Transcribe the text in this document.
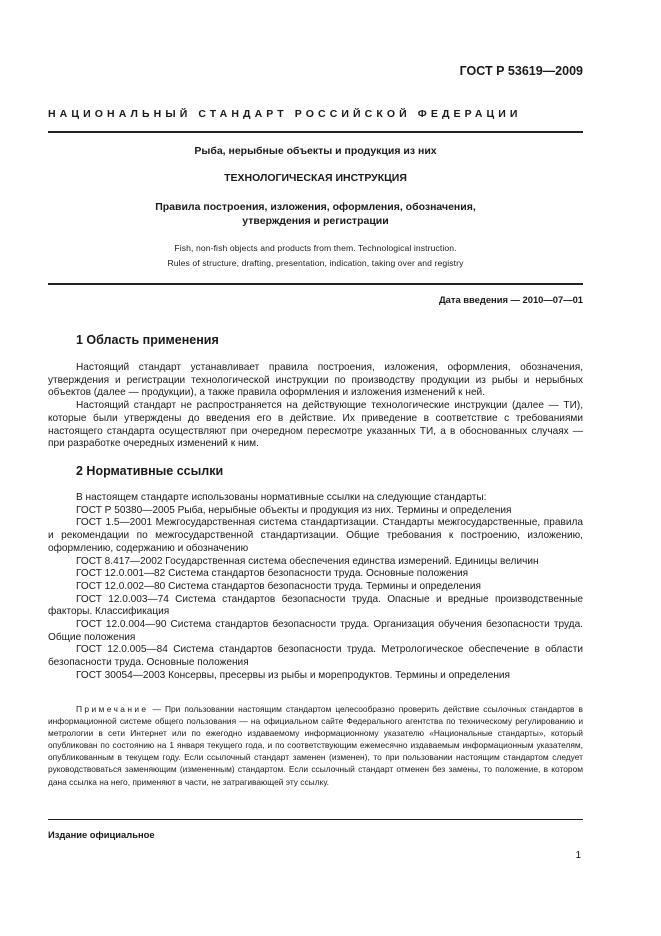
ГОСТ Р 53619—2009
НАЦИОНАЛЬНЫЙ СТАНДАРТ РОССИЙСКОЙ ФЕДЕРАЦИИ
Рыба, нерыбные объекты и продукция из них
ТЕХНОЛОГИЧЕСКАЯ ИНСТРУКЦИЯ
Правила построения, изложения, оформления, обозначения,
утверждения и регистрации
Fish, non-fish objects and products from them. Technological instruction.
Rules of structure, drafting, presentation, indication, taking over and registry
Дата введения — 2010—07—01
1 Область применения

Настоящий стандарт устанавливает правила построения, изложения, оформления, обозначения, утверждения и регистрации технологической инструкции по производству продукции из рыбы и нерыбных объектов (далее — продукции), а также правила оформления и изложения изменений к ней.

Настоящий стандарт не распространяется на действующие технологические инструкции (далее — ТИ), которые были утверждены до введения его в действие. Их приведение в соответствие с требованиями настоящего стандарта осуществляют при очередном пересмотре указанных ТИ, а в обоснованных случаях — при разработке очередных изменений к ним.

2 Нормативные ссылки

В настоящем стандарте использованы нормативные ссылки на следующие стандарты:

ГОСТ Р 50380—2005 Рыба, нерыбные объекты и продукция из них. Термины и определения

ГОСТ 1.5—2001 Межгосударственная система стандартизации. Стандарты межгосударственные, правила и рекомендации по межгосударственной стандартизации. Общие требования к построению, изложению, оформлению, содержанию и обозначению

ГОСТ 8.417—2002 Государственная система обеспечения единства измерений. Единицы величин

ГОСТ 12.0.001—82 Система стандартов безопасности труда. Основные положения

ГОСТ 12.0.002—80 Система стандартов безопасности труда. Термины и определения

ГОСТ 12.0.003—74 Система стандартов безопасности труда. Опасные и вредные производственные факторы. Классификация

ГОСТ 12.0.004—90 Система стандартов безопасности труда. Организация обучения безопасности труда. Общие положения

ГОСТ 12.0.005—84 Система стандартов безопасности труда. Метрологическое обеспечение в области безопасности труда. Основные положения

ГОСТ 30054—2003 Консервы, пресервы из рыбы и морепродуктов. Термины и определения

Примечание — При пользовании настоящим стандартом целесообразно проверить действие ссылочных стандартов в информационной системе общего пользования — на официальном сайте Федерального агентства по техническому регулированию и метрологии в сети Интернет или по ежегодно издаваемому информационному указателю «Национальные стандарты», который опубликован по состоянию на 1 января текущего года, и по соответствующим ежемесячно издаваемым информационным указателям, опубликованным в текущем году. Если ссылочный стандарт заменен (изменен), то при пользовании настоящим стандартом следует руководствоваться заменяющим (измененным) стандартом. Если ссылочный стандарт отменен без замены, то положение, в котором дана ссылка на него, применяют в части, не затрагивающей эту ссылку.

Издание официальное
1
